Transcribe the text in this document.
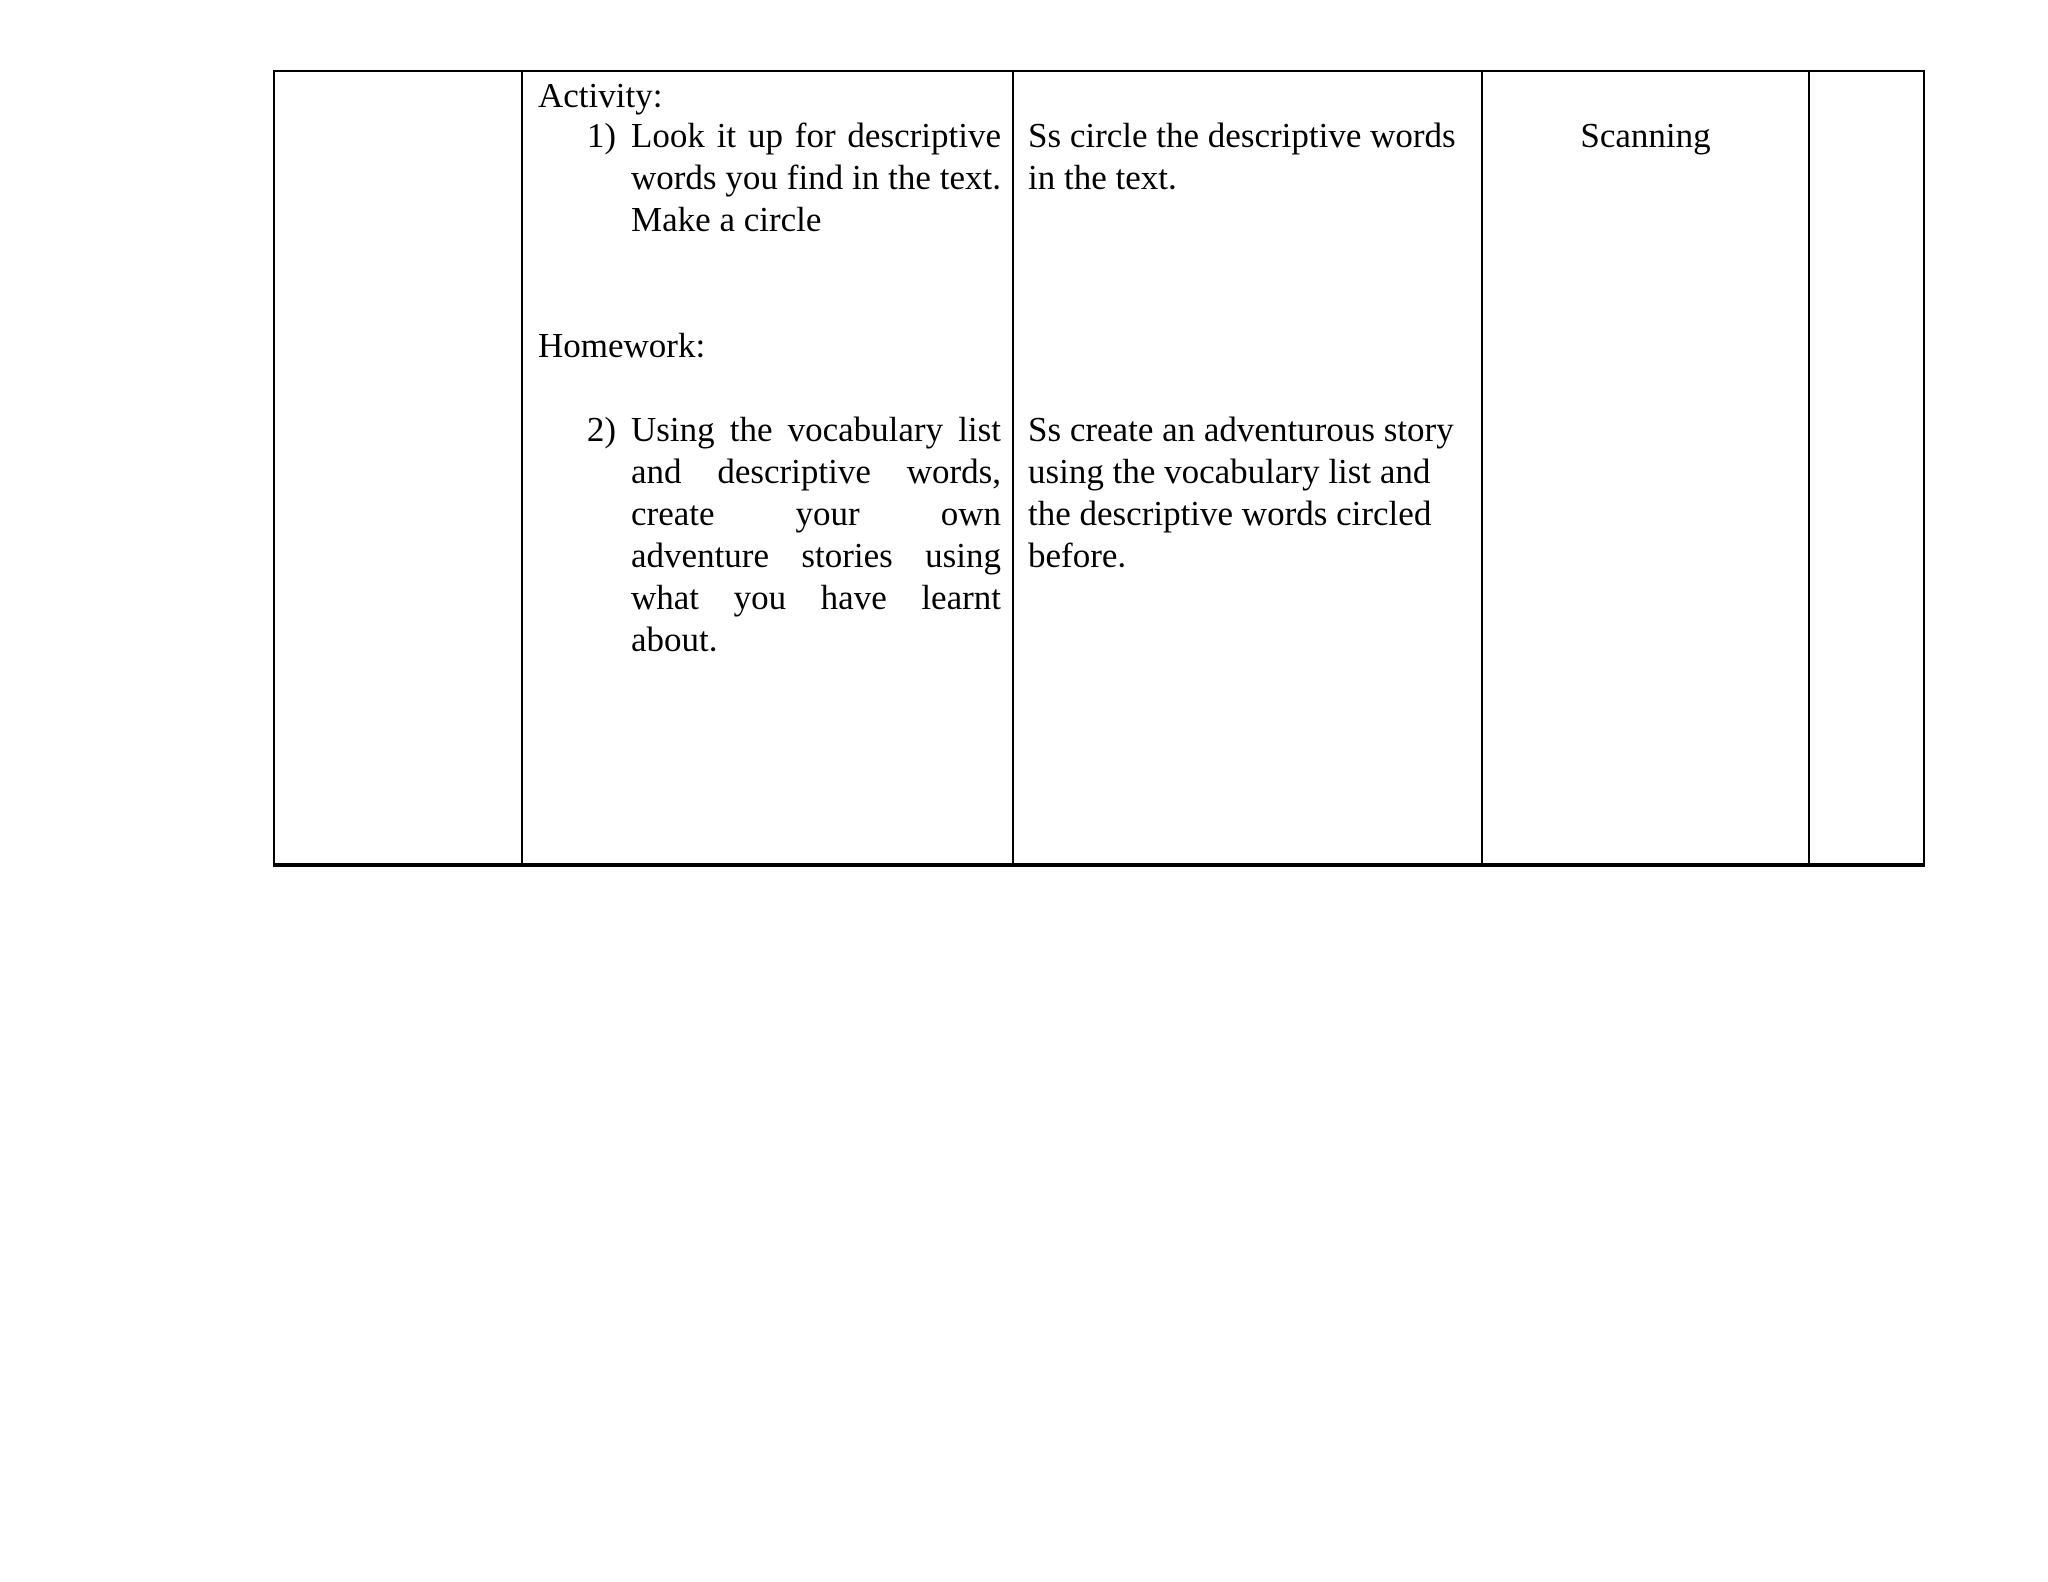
Activity:
1) Look it up for descriptive words you find in the text. Make a circle
Homework:
2) Using the vocabulary list and descriptive words, create your own adventure stories using what you have learnt about.
Ss circle the descriptive words in the text.
Ss create an adventurous story using the vocabulary list and the descriptive words circled before.
Scanning
